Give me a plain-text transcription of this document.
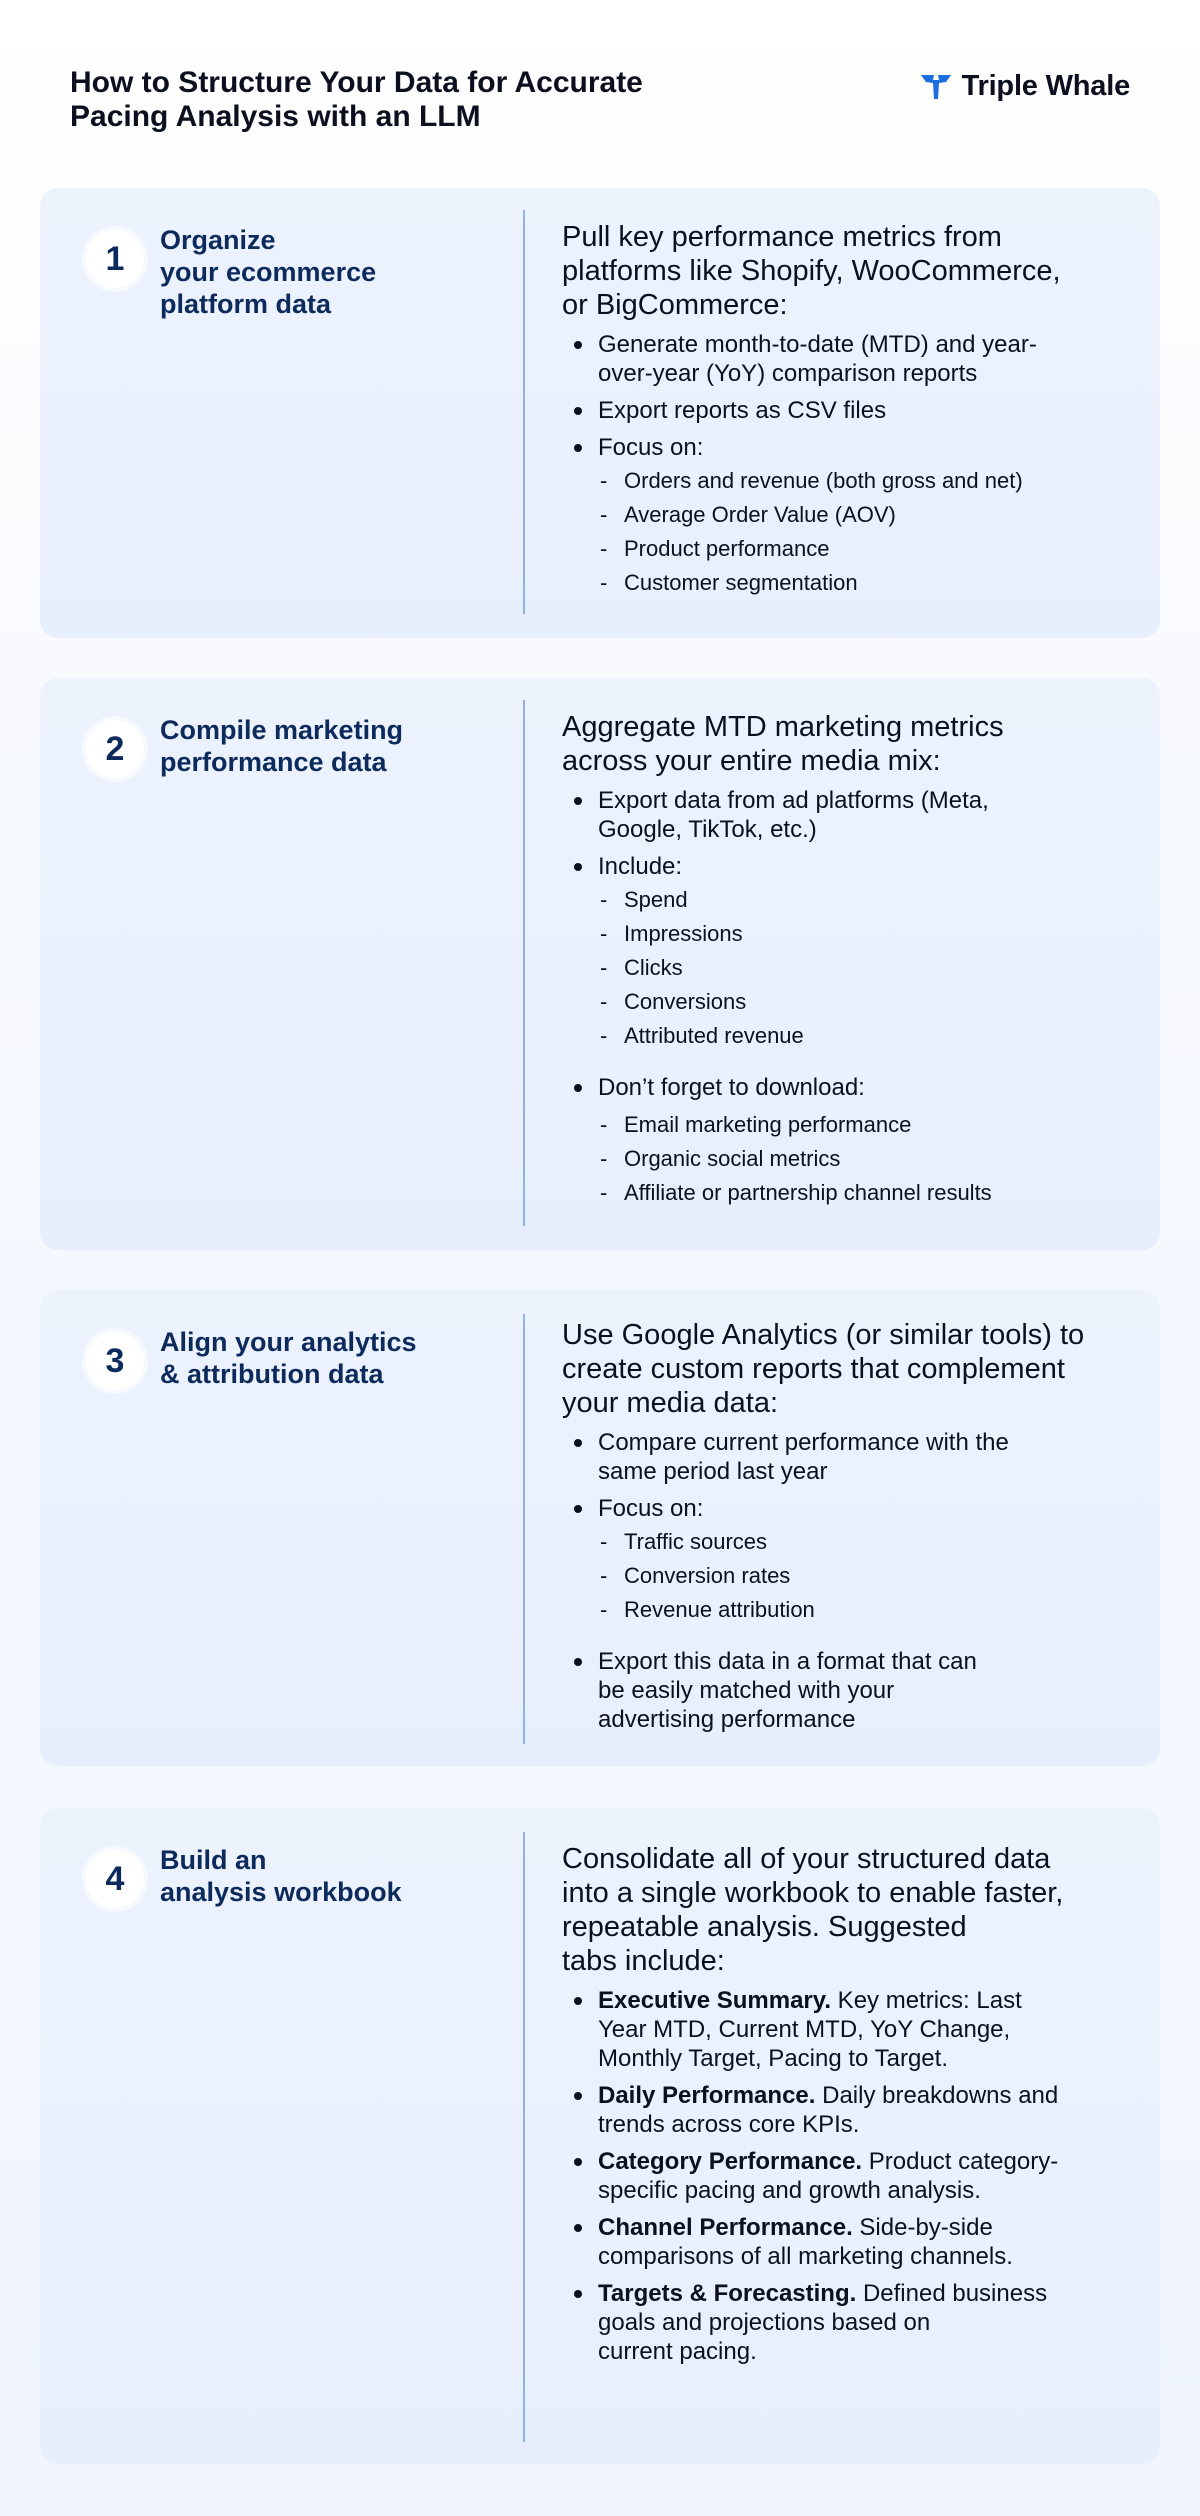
How to Structure Your Data for Accurate
Pacing Analysis with an LLM
Triple Whale
1	Organize
your ecommerce
platform data
Pull key performance metrics from
platforms like Shopify, WooCommerce,
or BigCommerce:
Generate month-to-date (MTD) and year-
over-year (YoY) comparison reports
Export reports as CSV files
Focus on:
- Orders and revenue (both gross and net)
- Average Order Value (AOV)
- Product performance
- Customer segmentation
2	Compile marketing
performance data
Aggregate MTD marketing metrics
across your entire media mix:
Export data from ad platforms (Meta,
Google, TikTok, etc.)
Include:
- Spend
- Impressions
- Clicks
- Conversions
- Attributed revenue
Don’t forget to download:
- Email marketing performance
- Organic social metrics
- Affiliate or partnership channel results
3	Align your analytics
& attribution data
Use Google Analytics (or similar tools) to
create custom reports that complement
your media data:
Compare current performance with the
same period last year
Focus on:
- Traffic sources
- Conversion rates
- Revenue attribution
Export this data in a format that can
be easily matched with your
advertising performance
4	Build an
analysis workbook
Consolidate all of your structured data
into a single workbook to enable faster,
repeatable analysis. Suggested
tabs include:
Executive Summary. Key metrics: Last
Year MTD, Current MTD, YoY Change,
Monthly Target, Pacing to Target.
Daily Performance. Daily breakdowns and
trends across core KPIs.
Category Performance. Product category-
specific pacing and growth analysis.
Channel Performance. Side-by-side
comparisons of all marketing channels.
Targets & Forecasting. Defined business
goals and projections based on
current pacing.
